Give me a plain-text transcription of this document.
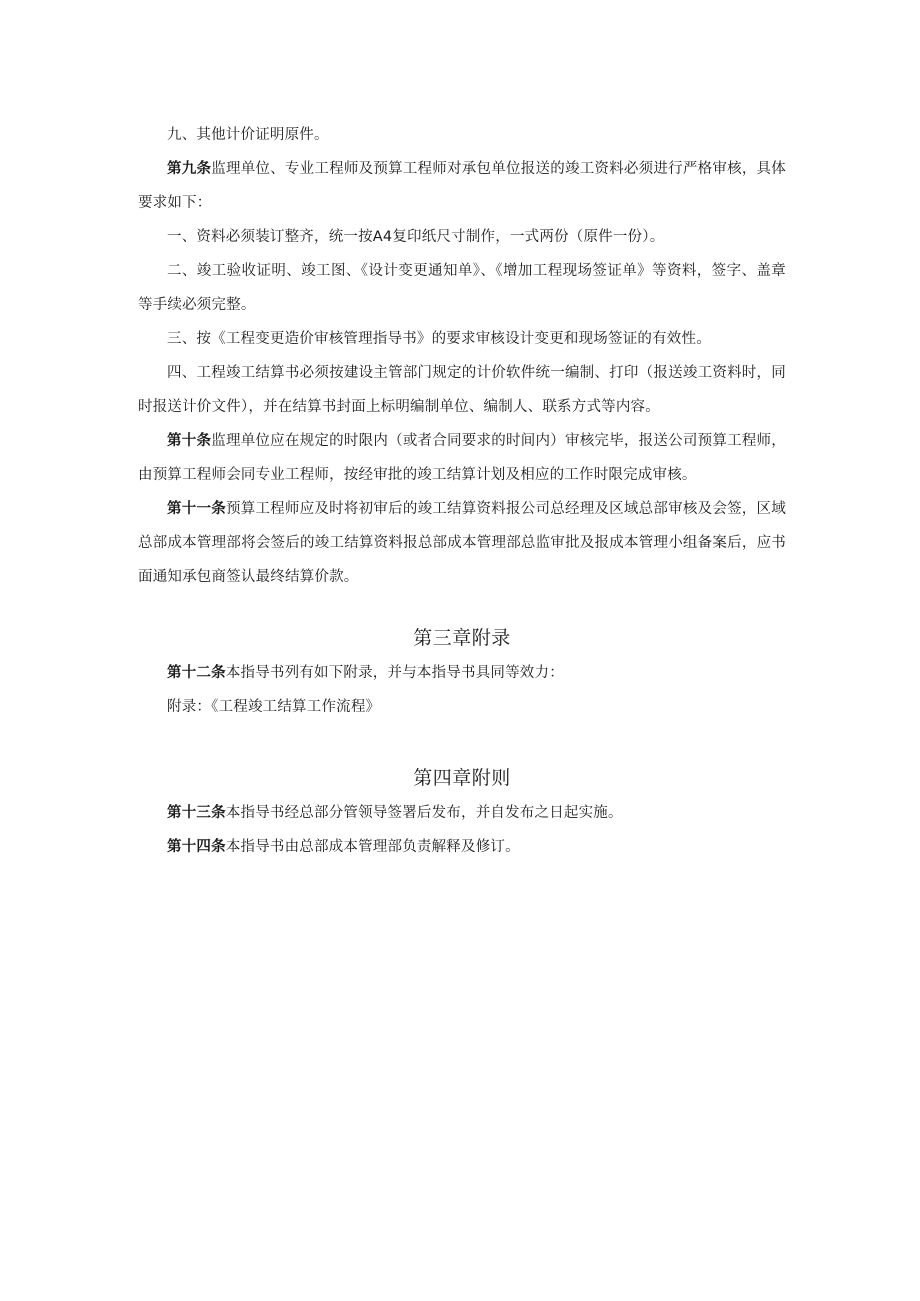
九、其他计价证明原件。

第九条监理单位、专业工程师及预算工程师对承包单位报送的竣工资料必须进行严格审核，具体要求如下：

一、资料必须装订整齐，统一按A4复印纸尺寸制作，一式两份（原件一份）。

二、竣工验收证明、竣工图、《设计变更通知单》、《增加工程现场签证单》等资料，签字、盖章等手续必须完整。

三、按《工程变更造价审核管理指导书》的要求审核设计变更和现场签证的有效性。

四、工程竣工结算书必须按建设主管部门规定的计价软件统一编制、打印（报送竣工资料时，同时报送计价文件），并在结算书封面上标明编制单位、编制人、联系方式等内容。

第十条监理单位应在规定的时限内（或者合同要求的时间内）审核完毕，报送公司预算工程师，由预算工程师会同专业工程师，按经审批的竣工结算计划及相应的工作时限完成审核。

第十一条预算工程师应及时将初审后的竣工结算资料报公司总经理及区域总部审核及会签，区域总部成本管理部将会签后的竣工结算资料报总部成本管理部总监审批及报成本管理小组备案后，应书面通知承包商签认最终结算价款。

第三章附录

第十二条本指导书列有如下附录，并与本指导书具同等效力：

附录：《工程竣工结算工作流程》

第四章附则

第十三条本指导书经总部分管领导签署后发布，并自发布之日起实施。

第十四条本指导书由总部成本管理部负责解释及修订。
